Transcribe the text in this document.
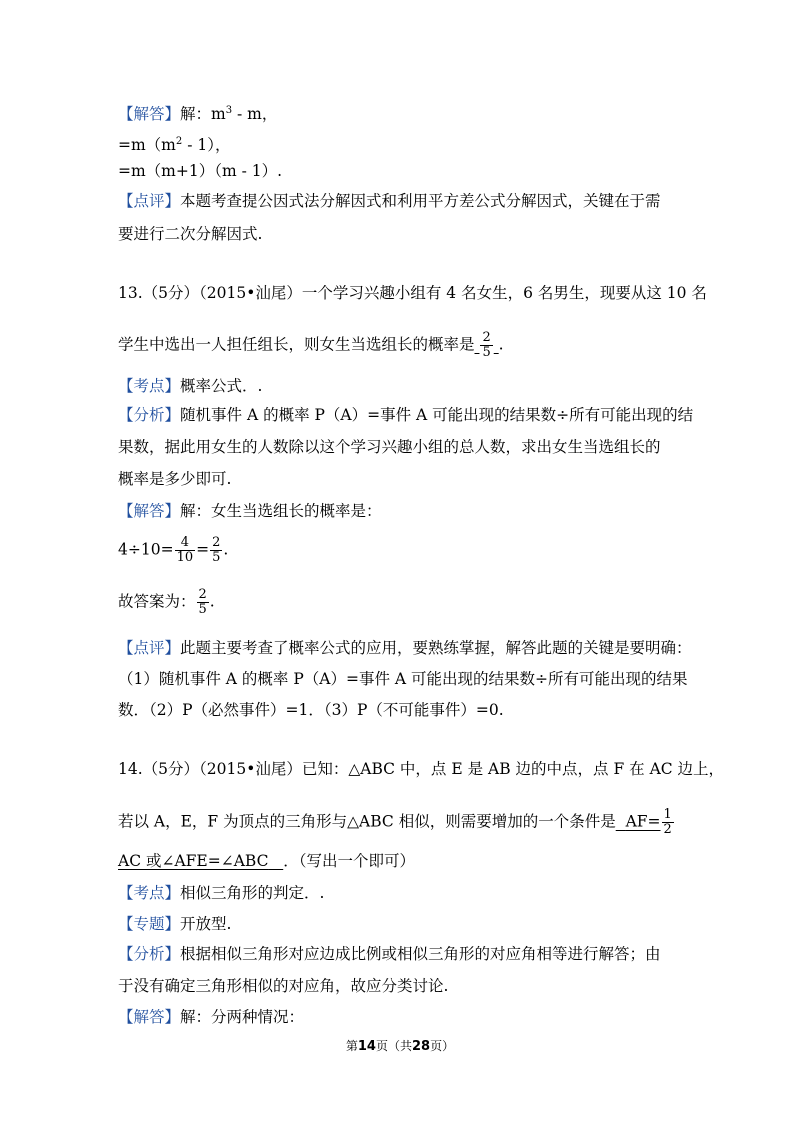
【解答】解：$m^3$ - m，
$=m(m^2 - 1)$，
=m（m+1）（m - 1）.
【点评】本题考查提公因式法分解因式和利用平方差公式分解因式，关键在于需
要进行二次分解因式.
13.（5分）（2015•汕尾）一个学习兴趣小组有 4 名女生，6 名男生，现要从这 10 名
学生中选出一人担任组长，则女生当选组长的概率是 $\frac{2}{5}$ .
【考点】概率公式．.
【分析】随机事件 A 的概率 P（A）=事件 A 可能出现的结果数÷所有可能出现的结
果数，据此用女生的人数除以这个学习兴趣小组的总人数，求出女生当选组长的
概率是多少即可.
【解答】解：女生当选组长的概率是：
$4\div 10= \frac{4}{10} = \frac{2}{5}$ .
故答案为： $\frac{2}{5}$ .
【点评】此题主要考查了概率公式的应用，要熟练掌握，解答此题的关键是要明确：
（1）随机事件 A 的概率 P（A）=事件 A 可能出现的结果数÷所有可能出现的结果
数．（2）P（必然事件）=1．（3）P（不可能事件）=0.
14.（5分）（2015•汕尾）已知：△ABC 中，点 E 是 AB 边的中点，点 F 在 AC 边上，
若以 A，E，F 为顶点的三角形与△ABC 相似，则需要增加的一个条件是 $AF= \frac{1}{2}$
AC 或∠AFE=∠ABC ．（写出一个即可）
【考点】相似三角形的判定．.
【专题】开放型.
【分析】根据相似三角形对应边成比例或相似三角形的对应角相等进行解答；由
于没有确定三角形相似的对应角，故应分类讨论.
【解答】解：分两种情况：
第14页（共28页）
